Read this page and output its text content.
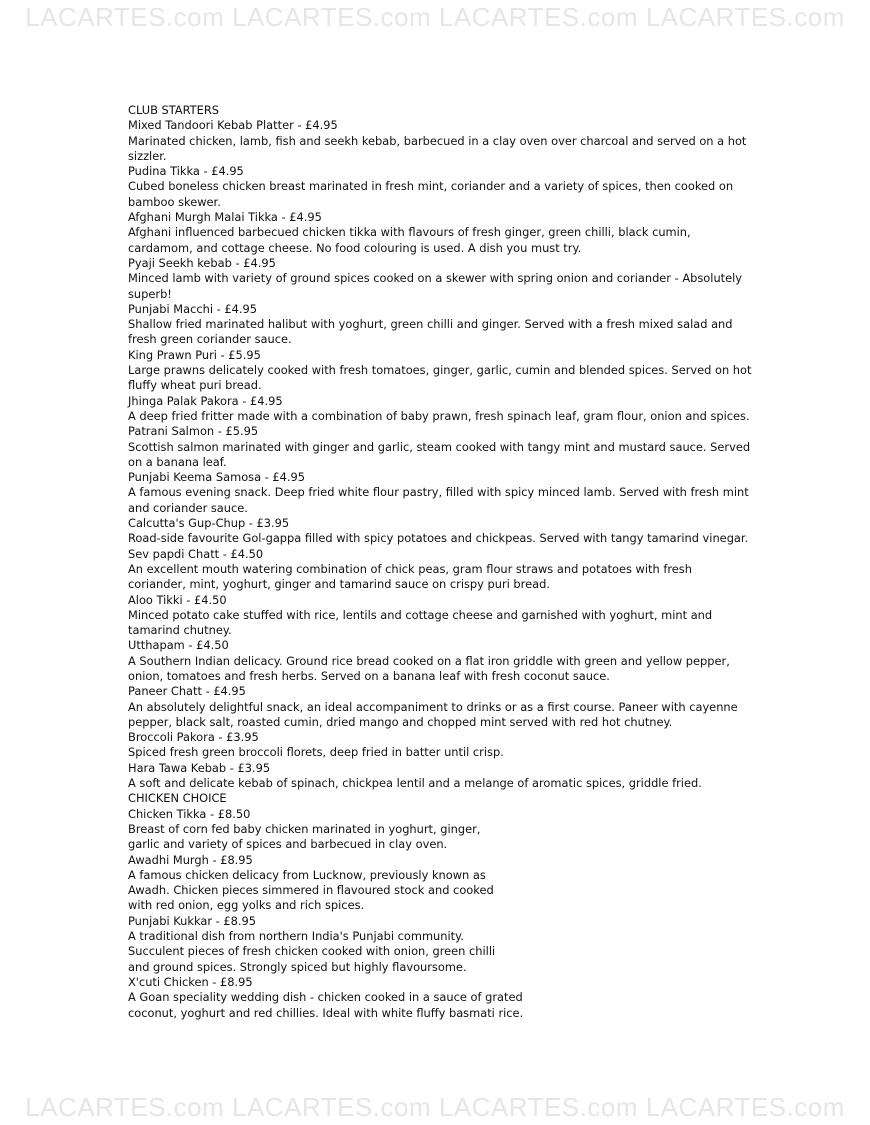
LACARTES.com LACARTES.com LACARTES.com LACARTES.com
CLUB STARTERS
Mixed Tandoori Kebab Platter - £4.95
Marinated chicken, lamb, fish and seekh kebab, barbecued in a clay oven over charcoal and served on a hot
sizzler.
Pudina Tikka - £4.95
Cubed boneless chicken breast marinated in fresh mint, coriander and a variety of spices, then cooked on
bamboo skewer.
Afghani Murgh Malai Tikka - £4.95
Afghani influenced barbecued chicken tikka with flavours of fresh ginger, green chilli, black cumin,
cardamom, and cottage cheese. No food colouring is used. A dish you must try.
Pyaji Seekh kebab - £4.95
Minced lamb with variety of ground spices cooked on a skewer with spring onion and coriander - Absolutely
superb!
Punjabi Macchi - £4.95
Shallow fried marinated halibut with yoghurt, green chilli and ginger. Served with a fresh mixed salad and
fresh green coriander sauce.
King Prawn Puri - £5.95
Large prawns delicately cooked with fresh tomatoes, ginger, garlic, cumin and blended spices. Served on hot
fluffy wheat puri bread.
Jhinga Palak Pakora - £4.95
A deep fried fritter made with a combination of baby prawn, fresh spinach leaf, gram flour, onion and spices.
Patrani Salmon - £5.95
Scottish salmon marinated with ginger and garlic, steam cooked with tangy mint and mustard sauce. Served
on a banana leaf.
Punjabi Keema Samosa - £4.95
A famous evening snack. Deep fried white flour pastry, filled with spicy minced lamb. Served with fresh mint
and coriander sauce.
Calcutta's Gup-Chup - £3.95
Road-side favourite Gol-gappa filled with spicy potatoes and chickpeas. Served with tangy tamarind vinegar.
Sev papdi Chatt - £4.50
An excellent mouth watering combination of chick peas, gram flour straws and potatoes with fresh
coriander, mint, yoghurt, ginger and tamarind sauce on crispy puri bread.
Aloo Tikki - £4.50
Minced potato cake stuffed with rice, lentils and cottage cheese and garnished with yoghurt, mint and
tamarind chutney.
Utthapam - £4.50
A Southern Indian delicacy. Ground rice bread cooked on a flat iron griddle with green and yellow pepper,
onion, tomatoes and fresh herbs. Served on a banana leaf with fresh coconut sauce.
Paneer Chatt - £4.95
An absolutely delightful snack, an ideal accompaniment to drinks or as a first course. Paneer with cayenne
pepper, black salt, roasted cumin, dried mango and chopped mint served with red hot chutney.
Broccoli Pakora - £3.95
Spiced fresh green broccoli florets, deep fried in batter until crisp.
Hara Tawa Kebab - £3.95
A soft and delicate kebab of spinach, chickpea lentil and a melange of aromatic spices, griddle fried.
CHICKEN CHOICE
Chicken Tikka - £8.50
Breast of corn fed baby chicken marinated in yoghurt, ginger,
garlic and variety of spices and barbecued in clay oven.
Awadhi Murgh - £8.95
A famous chicken delicacy from Lucknow, previously known as
Awadh. Chicken pieces simmered in flavoured stock and cooked
with red onion, egg yolks and rich spices.
Punjabi Kukkar - £8.95
A traditional dish from northern India's Punjabi community.
Succulent pieces of fresh chicken cooked with onion, green chilli
and ground spices. Strongly spiced but highly flavoursome.
X'cuti Chicken - £8.95
A Goan speciality wedding dish - chicken cooked in a sauce of grated
coconut, yoghurt and red chillies. Ideal with white fluffy basmati rice.
LACARTES.com LACARTES.com LACARTES.com LACARTES.com
